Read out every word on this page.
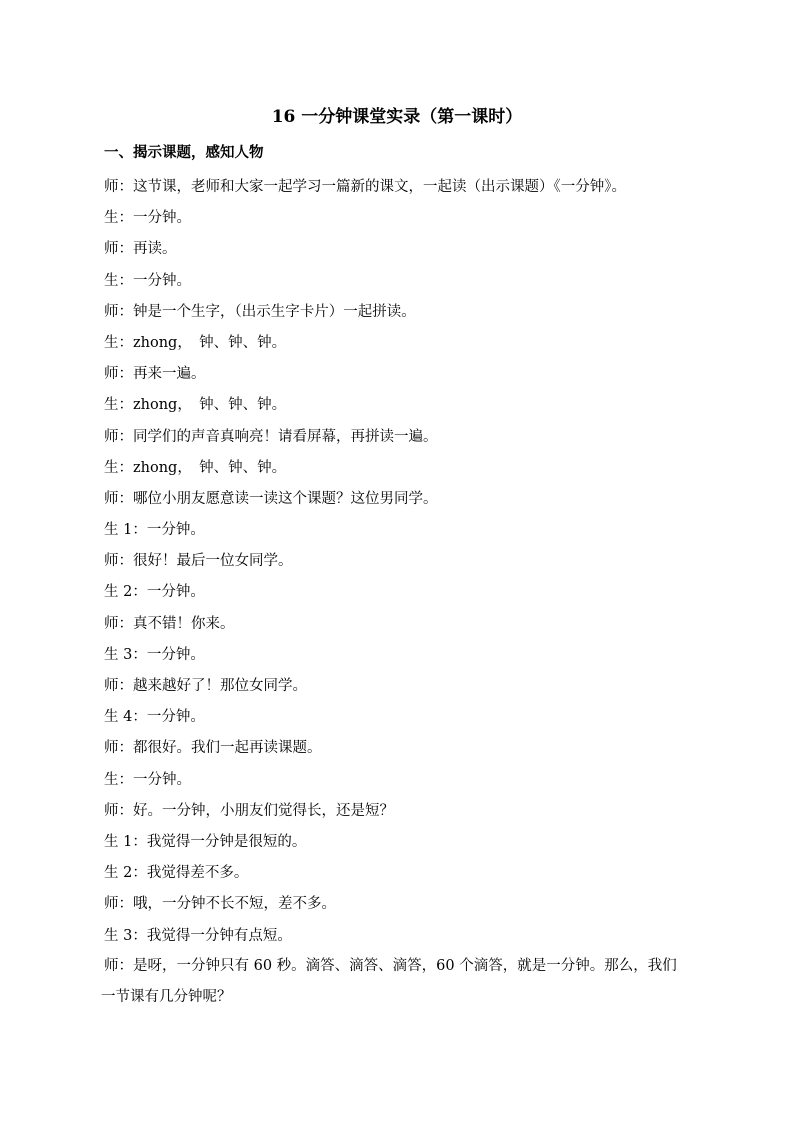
16 一分钟课堂实录（第一课时）
一、揭示课题，感知人物
师：这节课，老师和大家一起学习一篇新的课文，一起读（出示课题）《一分钟》。
生：一分钟。
师：再读。
生：一分钟。
师：钟是一个生字，（出示生字卡片）一起拼读。
生：zhong，　钟、钟、钟。
师：再来一遍。
生：zhong，　钟、钟、钟。
师：同学们的声音真响亮！请看屏幕，再拼读一遍。
生：zhong，　钟、钟、钟。
师：哪位小朋友愿意读一读这个课题？这位男同学。
生 1：一分钟。
师：很好！最后一位女同学。
生 2：一分钟。
师：真不错！你来。
生 3：一分钟。
师：越来越好了！那位女同学。
生 4：一分钟。
师：都很好。我们一起再读课题。
生：一分钟。
师：好。一分钟，小朋友们觉得长，还是短？
生 1：我觉得一分钟是很短的。
生 2：我觉得差不多。
师：哦，一分钟不长不短，差不多。
生 3：我觉得一分钟有点短。
师：是呀，一分钟只有 60 秒。滴答、滴答、滴答，60 个滴答，就是一分钟。那么，我们
一节课有几分钟呢？
